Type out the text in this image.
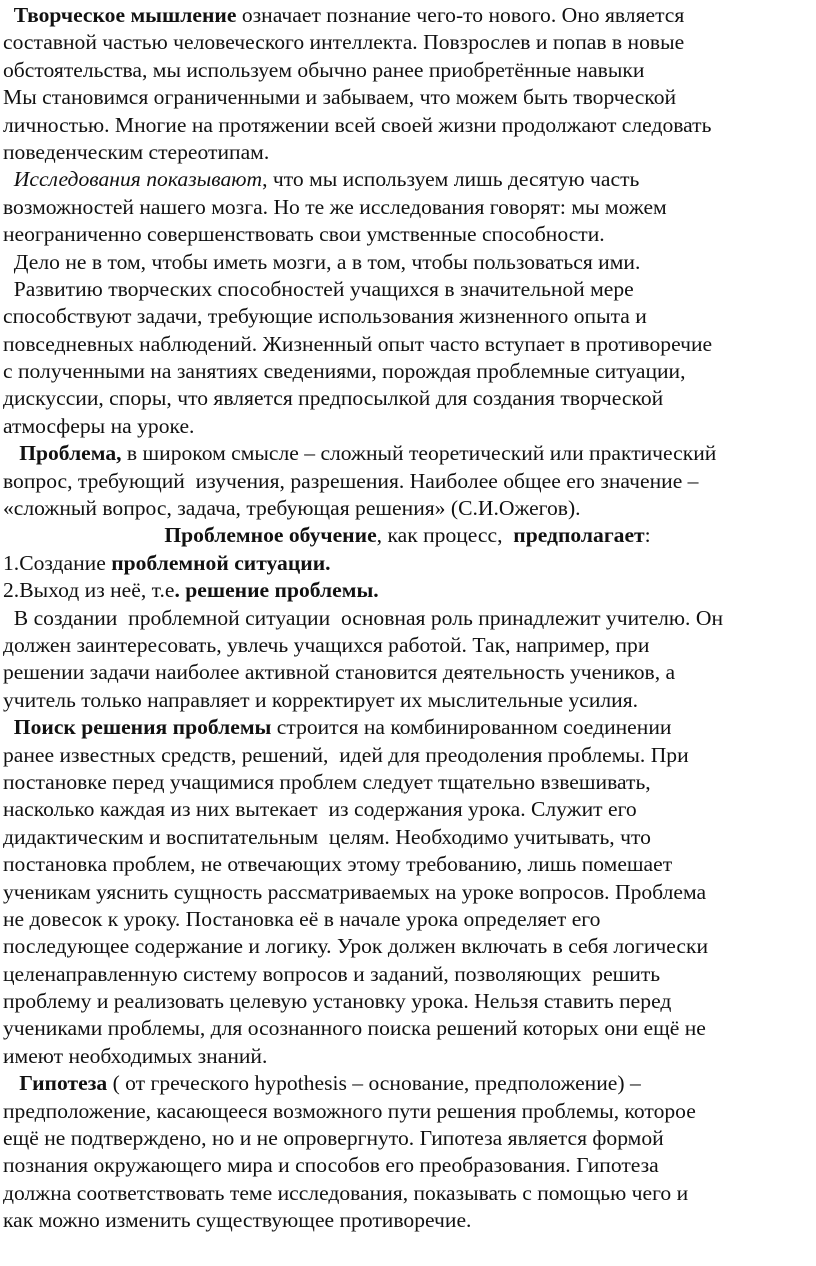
Творческое мышление означает познание чего-то нового. Оно является
составной частью человеческого интеллекта. Повзрослев и попав в новые
обстоятельства, мы используем обычно ранее приобретённые навыки
Мы становимся ограниченными и забываем, что можем быть творческой
личностью. Многие на протяжении всей своей жизни продолжают следовать
поведенческим стереотипам.
Исследования показывают, что мы используем лишь десятую часть
возможностей нашего мозга. Но те же исследования говорят: мы можем
неограниченно совершенствовать свои умственные способности.
Дело не в том, чтобы иметь мозги, а в том, чтобы пользоваться ими.
Развитию творческих способностей учащихся в значительной мере
способствуют задачи, требующие использования жизненного опыта и
повседневных наблюдений. Жизненный опыт часто вступает в противоречие
с полученными на занятиях сведениями, порождая проблемные ситуации,
дискуссии, споры, что является предпосылкой для создания творческой
атмосферы на уроке.
Проблема, в широком смысле – сложный теоретический или практический
вопрос, требующий  изучения, разрешения. Наиболее общее его значение –
«сложный вопрос, задача, требующая решения» (С.И.Ожегов).
Проблемное обучение, как процесс,  предполагает:
1.Создание проблемной ситуации.
2.Выход из неё, т.е. решение проблемы.
В создании  проблемной ситуации  основная роль принадлежит учителю. Он
должен заинтересовать, увлечь учащихся работой. Так, например, при
решении задачи наиболее активной становится деятельность учеников, а
учитель только направляет и корректирует их мыслительные усилия.
Поиск решения проблемы строится на комбинированном соединении
ранее известных средств, решений,  идей для преодоления проблемы. При
постановке перед учащимися проблем следует тщательно взвешивать,
насколько каждая из них вытекает  из содержания урока. Служит его
дидактическим и воспитательным  целям. Необходимо учитывать, что
постановка проблем, не отвечающих этому требованию, лишь помешает
ученикам уяснить сущность рассматриваемых на уроке вопросов. Проблема
не довесок к уроку. Постановка её в начале урока определяет его
последующее содержание и логику. Урок должен включать в себя логически
целенаправленную систему вопросов и заданий, позволяющих  решить
проблему и реализовать целевую установку урока. Нельзя ставить перед
учениками проблемы, для осознанного поиска решений которых они ещё не
имеют необходимых знаний.
Гипотеза ( от греческого hypothesis – основание, предположение) –
предположение, касающееся возможного пути решения проблемы, которое
ещё не подтверждено, но и не опровергнуто. Гипотеза является формой
познания окружающего мира и способов его преобразования. Гипотеза
должна соответствовать теме исследования, показывать с помощью чего и
как можно изменить существующее противоречие.
